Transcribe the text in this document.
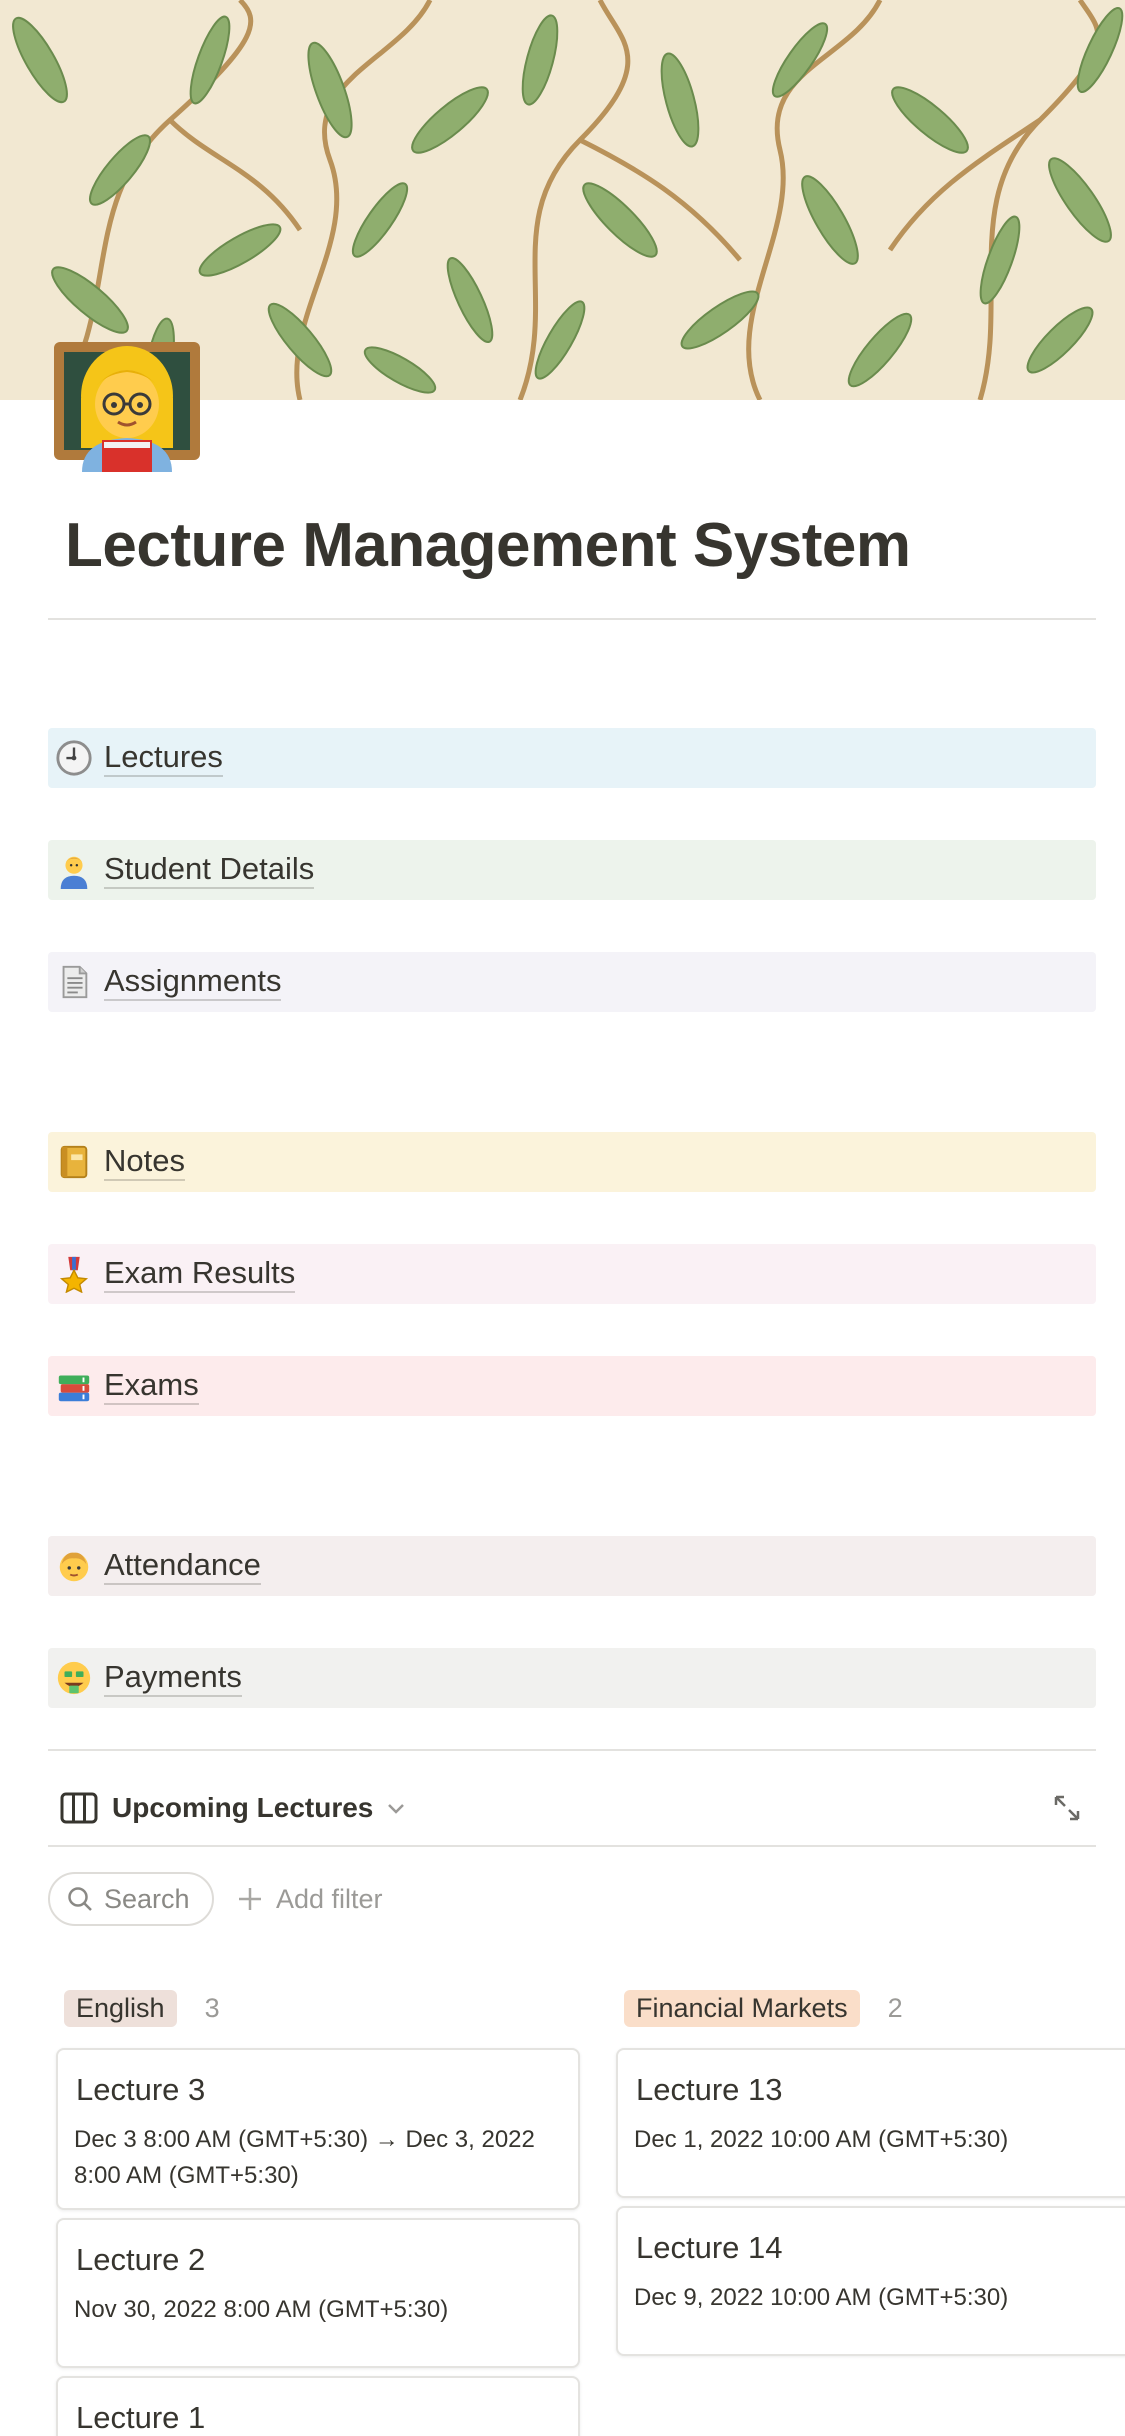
Lecture Management System
Lectures
Student Details
Assignments
Notes
Exam Results
Exams
Attendance
Payments
Upcoming Lectures
Search	Add filter
English	3
Lecture 3
Dec 3 8:00 AM (GMT+5:30) → Dec 3, 2022 8:00 AM (GMT+5:30)
Lecture 2
Nov 30, 2022 8:00 AM (GMT+5:30)
Lecture 1
Financial Markets	2
Lecture 13
Dec 1, 2022 10:00 AM (GMT+5:30)
Lecture 14
Dec 9, 2022 10:00 AM (GMT+5:30)
